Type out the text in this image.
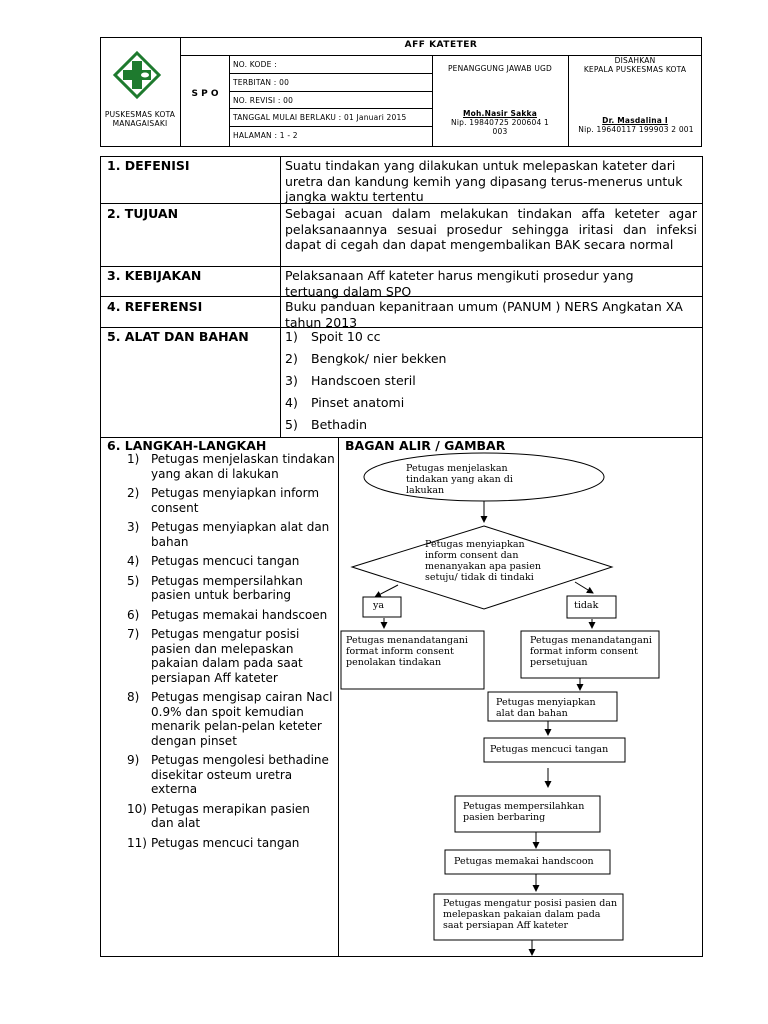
PUSKESMAS KOTA MANAGAISAKI
AFF KATETER
S P O
NO. KODE :
TERBITAN : 00
NO. REVISI : 00
TANGGAL MULAI BERLAKU : 01 Januari 2015
HALAMAN : 1 - 2
PENANGGUNG JAWAB UGD
Moh.Nasir Sakka
Nip. 19840725 200604 1 003
DISAHKAN
KEPALA PUSKESMAS KOTA
Dr. Masdalina I
Nip. 19640117 199903 2 001
1. DEFENISI	Suatu tindakan yang dilakukan untuk melepaskan kateter dari uretra dan kandung kemih yang dipasang terus-menerus untuk jangka waktu tertentu
2. TUJUAN	Sebagai acuan dalam melakukan tindakan affa keteter agar pelaksanaannya sesuai prosedur sehingga iritasi dan infeksi dapat di cegah dan dapat mengembalikan BAK secara normal
3. KEBIJAKAN	Pelaksanaan Aff kateter harus mengikuti prosedur yang tertuang dalam SPO
4. REFERENSI	Buku panduan kepanitraan umum (PANUM ) NERS Angkatan XA tahun 2013
5. ALAT DAN BAHAN	1) Spoit 10 cc
2) Bengkok/ nier bekken
3) Handscoen steril
4) Pinset anatomi
5) Bethadin
6. LANGKAH-LANGKAH
1) Petugas menjelaskan tindakan yang akan di lakukan
2) Petugas menyiapkan inform consent
3) Petugas menyiapkan alat dan bahan
4) Petugas mencuci tangan
5) Petugas mempersilahkan pasien untuk berbaring
6) Petugas memakai handscoen
7) Petugas mengatur posisi pasien dan melepaskan pakaian dalam pada saat persiapan Aff kateter
8) Petugas mengisap cairan Nacl 0.9% dan spoit kemudian menarik pelan-pelan keteter dengan pinset
9) Petugas mengolesi bethadine disekitar osteum uretra externa
10) Petugas merapikan pasien dan alat
11) Petugas mencuci tangan
BAGAN ALIR / GAMBAR
Petugas menjelaskan tindakan yang akan di lakukan
Petugas menyiapkan inform consent dan menanyakan apa pasien setuju/ tidak di tindaki
ya	tidak
Petugas menandatangani format inform consent penolakan tindakan
Petugas menandatangani format inform consent persetujuan
Petugas menyiapkan alat dan bahan
Petugas mencuci tangan
Petugas mempersilahkan pasien berbaring
Petugas memakai handscoon
Petugas mengatur posisi pasien dan melepaskan pakaian dalam pada saat persiapan Aff kateter
